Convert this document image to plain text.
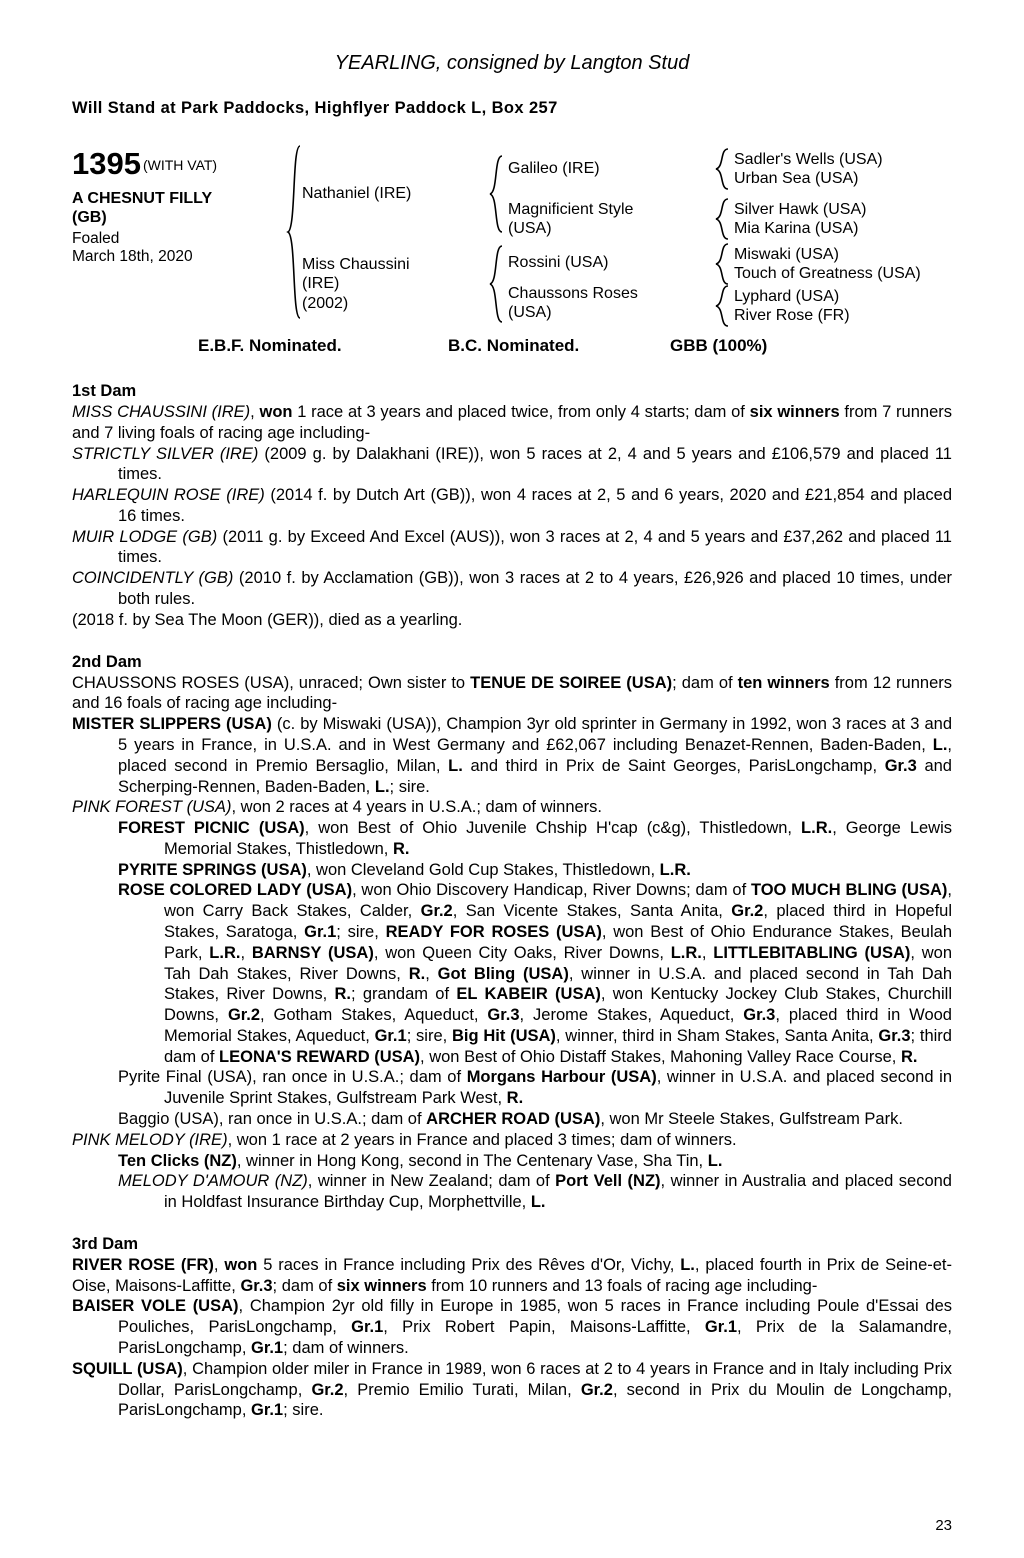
YEARLING, consigned by Langton Stud
Will Stand at Park Paddocks, Highflyer Paddock L, Box 257
1395 (WITH VAT)
A CHESNUT FILLY
(GB)
Foaled
March 18th, 2020
Nathaniel (IRE)
Miss Chaussini
(IRE)
(2002)
Galileo (IRE)
Magnificient Style
(USA)
Rossini (USA)
Chaussons Roses
(USA)
Sadler's Wells (USA)
Urban Sea (USA)
Silver Hawk (USA)
Mia Karina (USA)
Miswaki (USA)
Touch of Greatness (USA)
Lyphard (USA)
River Rose (FR)
E.B.F. Nominated.	B.C. Nominated.	GBB (100%)
1st Dam

MISS CHAUSSINI (IRE), won 1 race at 3 years and placed twice, from only 4 starts; dam of six winners from 7 runners and 7 living foals of racing age including-

STRICTLY SILVER (IRE) (2009 g. by Dalakhani (IRE)), won 5 races at 2, 4 and 5 years and £106,579 and placed 11 times.

HARLEQUIN ROSE (IRE) (2014 f. by Dutch Art (GB)), won 4 races at 2, 5 and 6 years, 2020 and £21,854 and placed 16 times.

MUIR LODGE (GB) (2011 g. by Exceed And Excel (AUS)), won 3 races at 2, 4 and 5 years and £37,262 and placed 11 times.

COINCIDENTLY (GB) (2010 f. by Acclamation (GB)), won 3 races at 2 to 4 years, £26,926 and placed 10 times, under both rules.

(2018 f. by Sea The Moon (GER)), died as a yearling.

2nd Dam

CHAUSSONS ROSES (USA), unraced; Own sister to TENUE DE SOIREE (USA); dam of ten winners from 12 runners and 16 foals of racing age including-

MISTER SLIPPERS (USA) (c. by Miswaki (USA)), Champion 3yr old sprinter in Germany in 1992, won 3 races at 3 and 5 years in France, in U.S.A. and in West Germany and £62,067 including Benazet-Rennen, Baden-Baden, L., placed second in Premio Bersaglio, Milan, L. and third in Prix de Saint Georges, ParisLongchamp, Gr.3 and Scherping-Rennen, Baden-Baden, L.; sire.

PINK FOREST (USA), won 2 races at 4 years in U.S.A.; dam of winners.

FOREST PICNIC (USA), won Best of Ohio Juvenile Chship H'cap (c&g), Thistledown, L.R., George Lewis Memorial Stakes, Thistledown, R.

PYRITE SPRINGS (USA), won Cleveland Gold Cup Stakes, Thistledown, L.R.

ROSE COLORED LADY (USA), won Ohio Discovery Handicap, River Downs; dam of TOO MUCH BLING (USA), won Carry Back Stakes, Calder, Gr.2, San Vicente Stakes, Santa Anita, Gr.2, placed third in Hopeful Stakes, Saratoga, Gr.1; sire, READY FOR ROSES (USA), won Best of Ohio Endurance Stakes, Beulah Park, L.R., BARNSY (USA), won Queen City Oaks, River Downs, L.R., LITTLEBITABLING (USA), won Tah Dah Stakes, River Downs, R., Got Bling (USA), winner in U.S.A. and placed second in Tah Dah Stakes, River Downs, R.; grandam of EL KABEIR (USA), won Kentucky Jockey Club Stakes, Churchill Downs, Gr.2, Gotham Stakes, Aqueduct, Gr.3, Jerome Stakes, Aqueduct, Gr.3, placed third in Wood Memorial Stakes, Aqueduct, Gr.1; sire, Big Hit (USA), winner, third in Sham Stakes, Santa Anita, Gr.3; third dam of LEONA'S REWARD (USA), won Best of Ohio Distaff Stakes, Mahoning Valley Race Course, R.

Pyrite Final (USA), ran once in U.S.A.; dam of Morgans Harbour (USA), winner in U.S.A. and placed second in Juvenile Sprint Stakes, Gulfstream Park West, R.

Baggio (USA), ran once in U.S.A.; dam of ARCHER ROAD (USA), won Mr Steele Stakes, Gulfstream Park.

PINK MELODY (IRE), won 1 race at 2 years in France and placed 3 times; dam of winners.

Ten Clicks (NZ), winner in Hong Kong, second in The Centenary Vase, Sha Tin, L.

MELODY D'AMOUR (NZ), winner in New Zealand; dam of Port Vell (NZ), winner in Australia and placed second in Holdfast Insurance Birthday Cup, Morphettville, L.

3rd Dam

RIVER ROSE (FR), won 5 races in France including Prix des Rêves d'Or, Vichy, L., placed fourth in Prix de Seine-et-Oise, Maisons-Laffitte, Gr.3; dam of six winners from 10 runners and 13 foals of racing age including-

BAISER VOLE (USA), Champion 2yr old filly in Europe in 1985, won 5 races in France including Poule d'Essai des Pouliches, ParisLongchamp, Gr.1, Prix Robert Papin, Maisons-Laffitte, Gr.1, Prix de la Salamandre, ParisLongchamp, Gr.1; dam of winners.

SQUILL (USA), Champion older miler in France in 1989, won 6 races at 2 to 4 years in France and in Italy including Prix Dollar, ParisLongchamp, Gr.2, Premio Emilio Turati, Milan, Gr.2, second in Prix du Moulin de Longchamp, ParisLongchamp, Gr.1; sire.

23
